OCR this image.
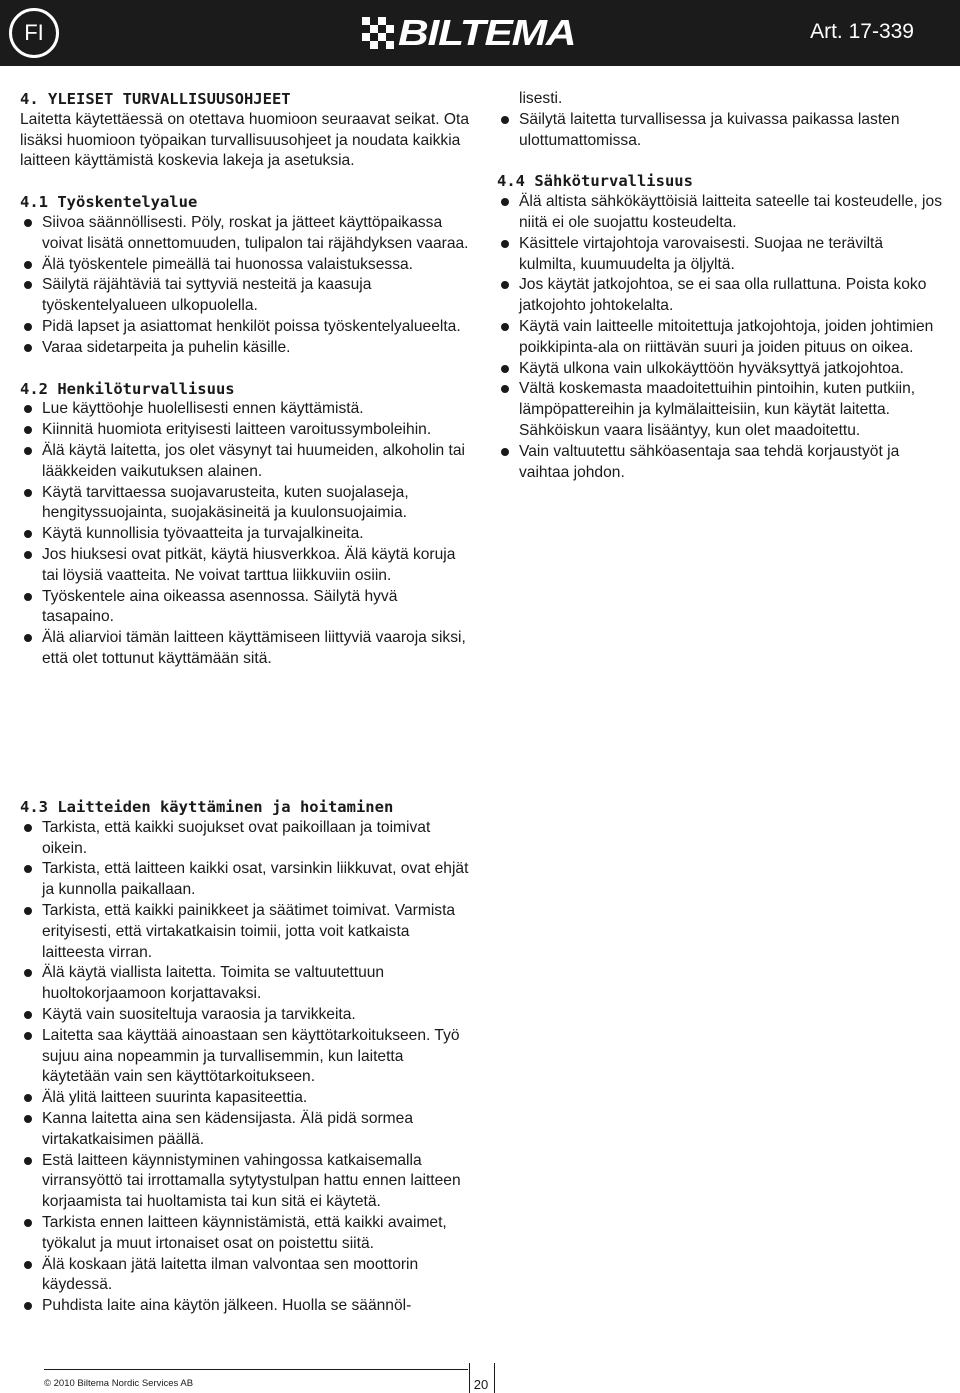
FI	BILTEMA	Art. 17-339

4. YLEISET TURVALLISUUSOHJEET

Laitetta käytettäessä on otettava huomioon seuraavat seikat. Ota lisäksi huomioon työpaikan turvallisuusohjeet ja noudata kaikkia laitteen käyttämistä koskevia lakeja ja asetuksia.

4.1 Työskentelyalue

Siivoa säännöllisesti. Pöly, roskat ja jätteet käyttöpaikassa voivat lisätä onnettomuuden, tulipalon tai räjähdyksen vaaraa.
Älä työskentele pimeällä tai huonossa valaistuksessa.
Säilytä räjähtäviä tai syttyviä nesteitä ja kaasuja työskentelyalueen ulkopuolella.
Pidä lapset ja asiattomat henkilöt poissa työskentelyalueelta.
Varaa sidetarpeita ja puhelin käsille.

4.2 Henkilöturvallisuus

Lue käyttöohje huolellisesti ennen käyttämistä.
Kiinnitä huomiota erityisesti laitteen varoitussymboleihin.
Älä käytä laitetta, jos olet väsynyt tai huumeiden, alkoholin tai lääkkeiden vaikutuksen alainen.
Käytä tarvittaessa suojavarusteita, kuten suojalaseja, hengityssuojainta, suojakäsineitä ja kuulonsuojaimia.
Käytä kunnollisia työvaatteita ja turvajalkineita.
Jos hiuksesi ovat pitkät, käytä hiusverkkoa. Älä käytä koruja tai löysiä vaatteita. Ne voivat tarttua liikkuviin osiin.
Työskentele aina oikeassa asennossa. Säilytä hyvä tasapaino.
Älä aliarvioi tämän laitteen käyttämiseen liittyviä vaaroja siksi, että olet tottunut käyttämään sitä.

4.3 Laitteiden käyttäminen ja hoitaminen

Tarkista, että kaikki suojukset ovat paikoillaan ja toimivat oikein.
Tarkista, että laitteen kaikki osat, varsinkin liikkuvat, ovat ehjät ja kunnolla paikallaan.
Tarkista, että kaikki painikkeet ja säätimet toimivat. Varmista erityisesti, että virtakatkaisin toimii, jotta voit katkaista laitteesta virran.
Älä käytä viallista laitetta. Toimita se valtuutettuun huoltokorjaamoon korjattavaksi.
Käytä vain suositeltuja varaosia ja tarvikkeita.
Laitetta saa käyttää ainoastaan sen käyttötarkoitukseen. Työ sujuu aina nopeammin ja turvallisemmin, kun laitetta käytetään vain sen käyttötarkoitukseen.
Älä ylitä laitteen suurinta kapasiteettia.
Kanna laitetta aina sen kädensijasta. Älä pidä sormea virtakatkaisimen päällä.
Estä laitteen käynnistyminen vahingossa katkaisemalla virransyöttö tai irrottamalla sytytystulpan hattu ennen laitteen korjaamista tai huoltamista tai kun sitä ei käytetä.
Tarkista ennen laitteen käynnistämistä, että kaikki avaimet, työkalut ja muut irtonaiset osat on poistettu siitä.
Älä koskaan jätä laitetta ilman valvontaa sen moottorin käydessä.
Puhdista laite aina käytön jälkeen. Huolla se säännöl-

lisesti.

Säilytä laitetta turvallisessa ja kuivassa paikassa lasten ulottumattomissa.

4.4 Sähköturvallisuus

Älä altista sähkökäyttöisiä laitteita sateelle tai kosteudelle, jos niitä ei ole suojattu kosteudelta.
Käsittele virtajohtoja varovaisesti. Suojaa ne teräviltä kulmilta, kuumuudelta ja öljyltä.
Jos käytät jatkojohtoa, se ei saa olla rullattuna. Poista koko jatkojohto johtokelalta.
Käytä vain laitteelle mitoitettuja jatkojohtoja, joiden johtimien poikkipinta-ala on riittävän suuri ja joiden pituus on oikea.
Käytä ulkona vain ulkokäyttöön hyväksyttyä jatkojohtoa.
Vältä koskemasta maadoitettuihin pintoihin, kuten putkiin, lämpöpattereihin ja kylmälaitteisiin, kun käytät laitetta. Sähköiskun vaara lisääntyy, kun olet maadoitettu.
Vain valtuutettu sähköasentaja saa tehdä korjaustyöt ja vaihtaa johdon.
© 2010 Biltema Nordic Services AB	20
